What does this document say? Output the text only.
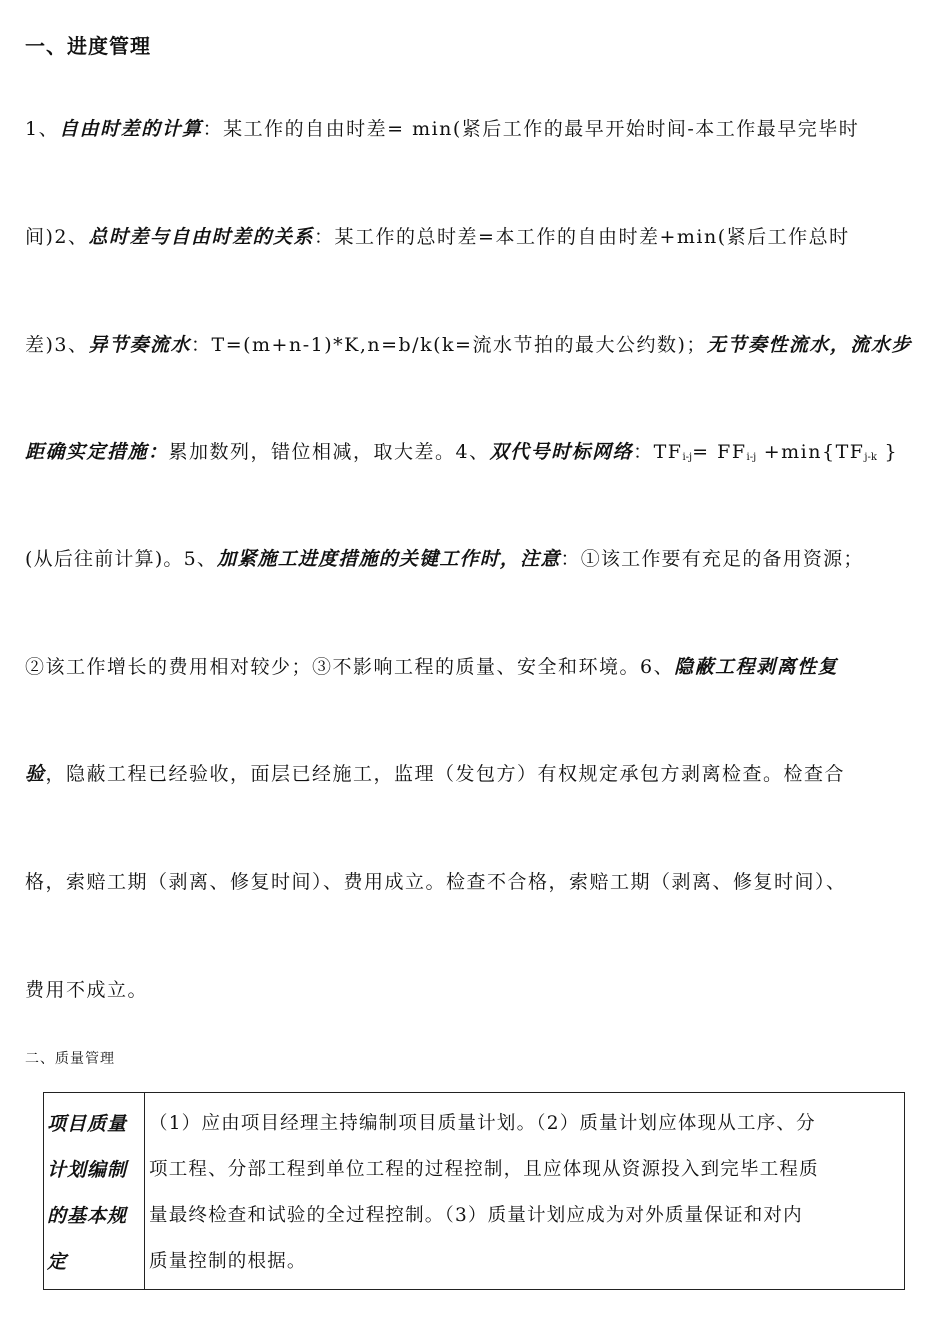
一、进度管理
1、自由时差的计算：某工作的自由时差= min(紧后工作的最早开始时间-本工作最早完毕时
间)2、总时差与自由时差的关系：某工作的总时差=本工作的自由时差+min(紧后工作总时
差)3、异节奏流水：T=(m+n-1)*K,n=b/k(k=流水节拍的最大公约数)；无节奏性流水，流水步
距确实定措施：累加数列，错位相减，取大差。4、双代号时标网络：$TF_{i-j}= FF_{i-j} +\min\{TF_{j-k}$ }
(从后往前计算)。5、加紧施工进度措施的关键工作时，注意：①该工作要有充足的备用资源；
②该工作增长的费用相对较少；③不影响工程的质量、安全和环境。6、隐蔽工程剥离性复
验，隐蔽工程已经验收，面层已经施工，监理（发包方）有权规定承包方剥离检查。检查合
格，索赔工期（剥离、修复时间）、费用成立。检查不合格，索赔工期（剥离、修复时间）、
费用不成立。
二、质量管理
项目质量
计划编制
的基本规
定
（1）应由项目经理主持编制项目质量计划。（2）质量计划应体现从工序、分
项工程、分部工程到单位工程的过程控制，且应体现从资源投入到完毕工程质
量最终检查和试验的全过程控制。（3）质量计划应成为对外质量保证和对内
质量控制的根据。
